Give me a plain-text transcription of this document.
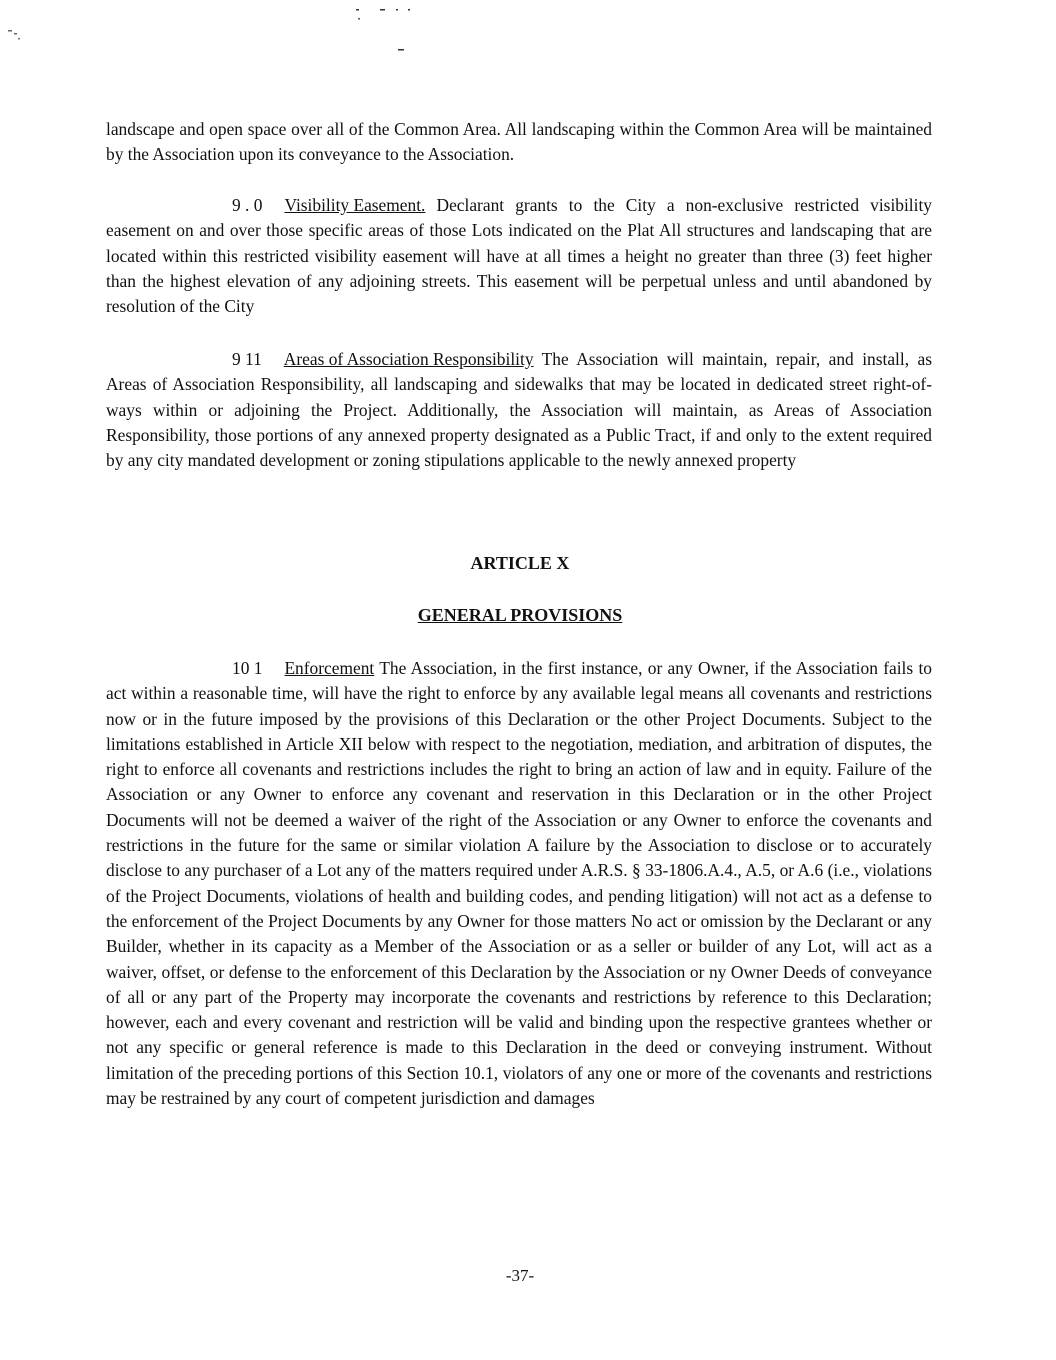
landscape and open space over all of the Common Area. All landscaping within the Common Area will be maintained by the Association upon its conveyance to the Association.

9 . 0 Visibility Easement. Declarant grants to the City a non-exclusive restricted visibility easement on and over those specific areas of those Lots indicated on the Plat All structures and landscaping that are located within this restricted visibility easement will have at all times a height no greater than three (3) feet higher than the highest elevation of any adjoining streets. This easement will be perpetual unless and until abandoned by resolution of the City

9 11 Areas of Association Responsibility The Association will maintain, repair, and install, as Areas of Association Responsibility, all landscaping and sidewalks that may be located in dedicated street right-of-ways within or adjoining the Project. Additionally, the Association will maintain, as Areas of Association Responsibility, those portions of any annexed property designated as a Public Tract, if and only to the extent required by any city mandated development or zoning stipulations applicable to the newly annexed property

ARTICLE X

GENERAL PROVISIONS

10 1 Enforcement The Association, in the first instance, or any Owner, if the Association fails to act within a reasonable time, will have the right to enforce by any available legal means all covenants and restrictions now or in the future imposed by the provisions of this Declaration or the other Project Documents. Subject to the limitations established in Article XII below with respect to the negotiation, mediation, and arbitration of disputes, the right to enforce all covenants and restrictions includes the right to bring an action of law and in equity. Failure of the Association or any Owner to enforce any covenant and reservation in this Declaration or in the other Project Documents will not be deemed a waiver of the right of the Association or any Owner to enforce the covenants and restrictions in the future for the same or similar violation A failure by the Association to disclose or to accurately disclose to any purchaser of a Lot any of the matters required under A.R.S. § 33-1806.A.4., A.5, or A.6 (i.e., violations of the Project Documents, violations of health and building codes, and pending litigation) will not act as a defense to the enforcement of the Project Documents by any Owner for those matters No act or omission by the Declarant or any Builder, whether in its capacity as a Member of the Association or as a seller or builder of any Lot, will act as a waiver, offset, or defense to the enforcement of this Declaration by the Association or ny Owner Deeds of conveyance of all or any part of the Property may incorporate the covenants and restrictions by reference to this Declaration; however, each and every covenant and restriction will be valid and binding upon the respective grantees whether or not any specific or general reference is made to this Declaration in the deed or conveying instrument. Without limitation of the preceding portions of this Section 10.1, violators of any one or more of the covenants and restrictions may be restrained by any court of competent jurisdiction and damages

-37-
